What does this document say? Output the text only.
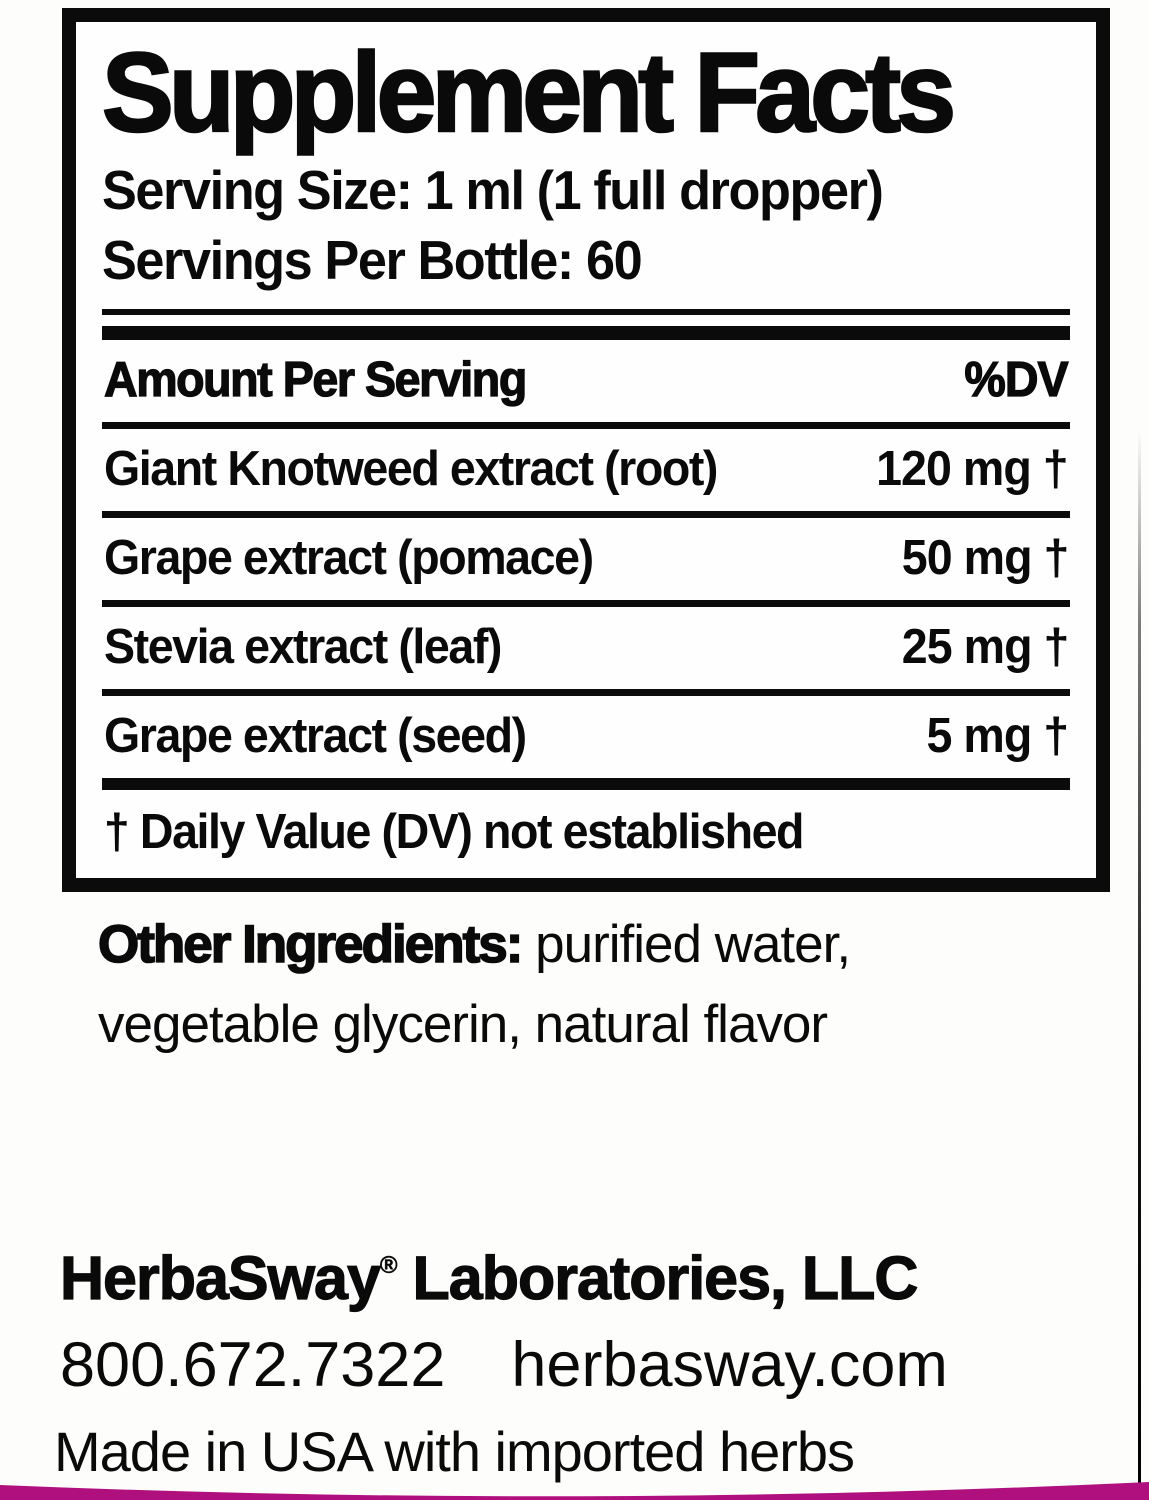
Supplement Facts
Serving Size: 1 ml (1 full dropper)
Servings Per Bottle: 60
Amount Per Serving	%DV
Giant Knotweed extract (root)	120 mg †
Grape extract (pomace)	50 mg †
Stevia extract (leaf)	25 mg †
Grape extract (seed)	5 mg †

† Daily Value (DV) not established

Other Ingredients: purified water, vegetable glycerin, natural flavor

HerbaSway® Laboratories, LLC

800.672.7322 herbasway.com

Made in USA with imported herbs
